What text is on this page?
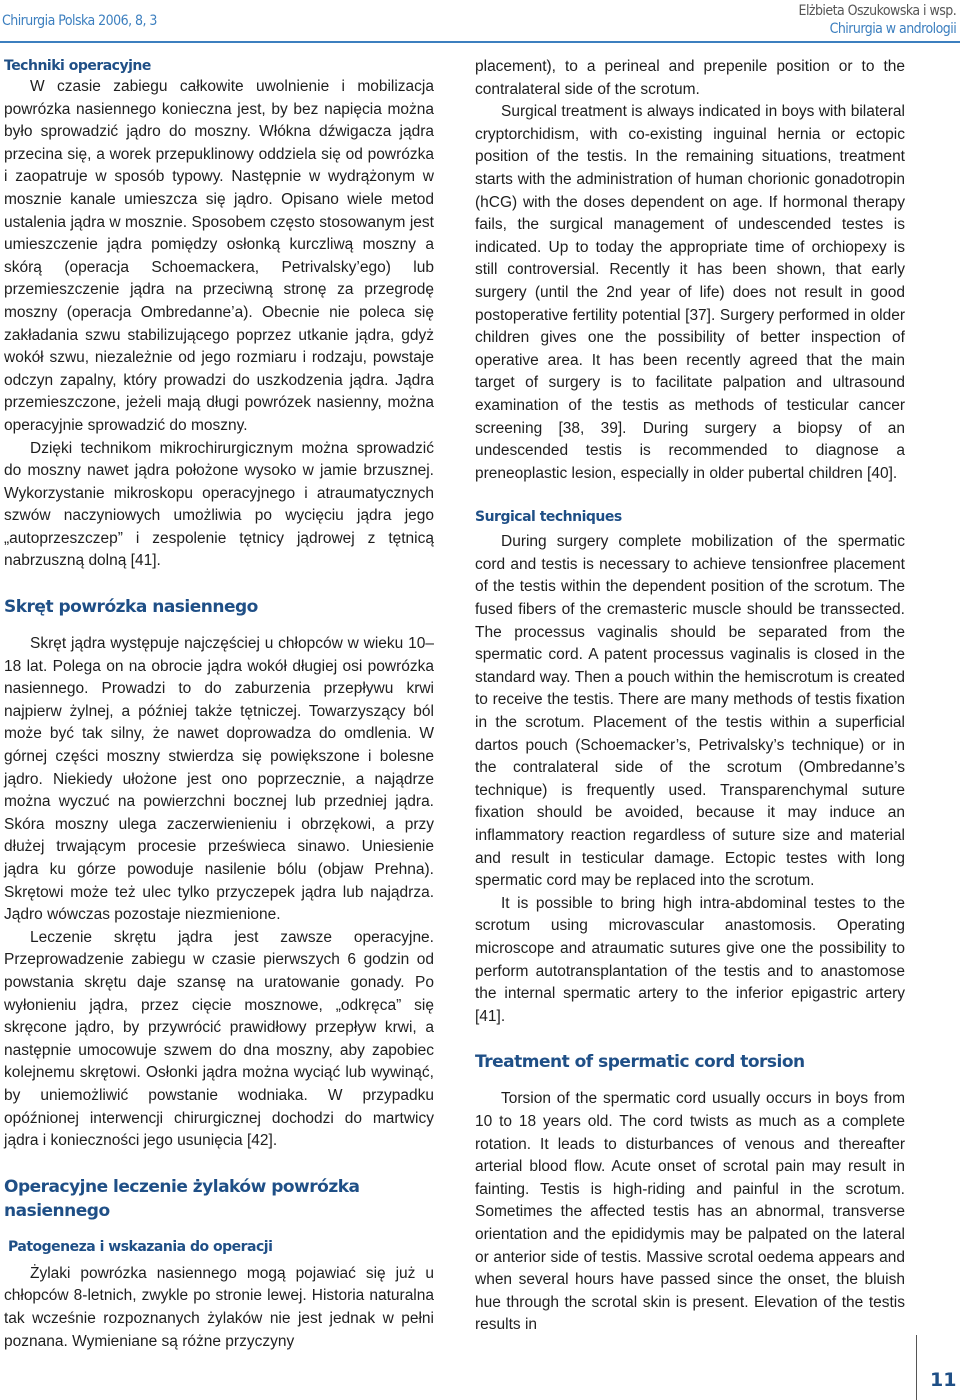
Chirurgia Polska 2006, 8, 3
Elżbieta Oszukowska i wsp.
Chirurgia w andrologii
Techniki operacyjne

W czasie zabiegu całkowite uwolnienie i mobilizacja powrózka nasiennego konieczna jest, by bez napięcia można było sprowadzić jądro do moszny. Włókna dźwigacza jądra przecina się, a worek przepuklinowy oddziela się od powrózka i zaopatruje w sposób typowy. Następnie w wydrążonym w mosznie kanale umieszcza się jądro. Opisano wiele metod ustalenia jądra w mosznie. Sposobem często stosowanym jest umieszczenie jądra pomiędzy osłonką kurczliwą moszny a skórą (operacja Schoemackera, Petrivalsky’ego) lub przemieszczenie jądra na przeciwną stronę za przegrodę moszny (operacja Ombredanne’a). Obecnie nie poleca się zakładania szwu stabilizującego poprzez utkanie jądra, gdyż wokół szwu, niezależnie od jego rozmiaru i rodzaju, powstaje odczyn zapalny, który prowadzi do uszkodzenia jądra. Jądra przemieszczone, jeżeli mają długi powrózek nasienny, można operacyjnie sprowadzić do moszny.

Dzięki technikom mikrochirurgicznym można sprowadzić do moszny nawet jądra położone wysoko w jamie brzusznej. Wykorzystanie mikroskopu operacyjnego i atraumatycznych szwów naczyniowych umożliwia po wycięciu jądra jego „autoprzeszczep” i zespolenie tętnicy jądrowej z tętnicą nabrzuszną dolną [41].

Skręt powrózka nasiennego

Skręt jądra występuje najczęściej u chłopców w wieku 10–18 lat. Polega on na obrocie jądra wokół długiej osi powrózka nasiennego. Prowadzi to do zaburzenia przepływu krwi najpierw żylnej, a później także tętniczej. Towarzyszący ból może być tak silny, że nawet doprowadza do omdlenia. W górnej części moszny stwierdza się powiększone i bolesne jądro. Niekiedy ułożone jest ono poprzecznie, a najądrze można wyczuć na powierzchni bocznej lub przedniej jądra. Skóra moszny ulega zaczerwienieniu i obrzękowi, a przy dłużej trwającym procesie prześwieca sinawo. Uniesienie jądra ku górze powoduje nasilenie bólu (objaw Prehna). Skrętowi może też ulec tylko przyczepek jądra lub najądrza. Jądro wówczas pozostaje niezmienione.

Leczenie skrętu jądra jest zawsze operacyjne. Przeprowadzenie zabiegu w czasie pierwszych 6 godzin od powstania skrętu daje szansę na uratowanie gonady. Po wyłonieniu jądra, przez cięcie mosznowe, „odkręca” się skręcone jądro, by przywrócić prawidłowy przepływ krwi, a następnie umocowuje szwem do dna moszny, aby zapobiec kolejnemu skrętowi. Osłonki jądra można wyciąć lub wywinąć, by uniemożliwić powstanie wodniaka. W przypadku opóźnionej interwencji chirurgicznej dochodzi do martwicy jądra i konieczności jego usunięcia [42].

Operacyjne leczenie żylaków powrózka nasiennego
Patogeneza i wskazania do operacji

Żylaki powrózka nasiennego mogą pojawiać się już u chłopców 8-letnich, zwykle po stronie lewej. Historia naturalna tak wcześnie rozpoznanych żylaków nie jest jednak w pełni poznana. Wymieniane są różne przyczyny

placement), to a perineal and prepenile position or to the contralateral side of the scrotum.

Surgical treatment is always indicated in boys with bilateral cryptorchidism, with co-existing inguinal hernia or ectopic position of the testis. In the remaining situations, treatment starts with the administration of human chorionic gonadotropin (hCG) with the doses dependent on age. If hormonal therapy fails, the surgical management of undescended testes is indicated. Up to today the appropriate time of orchiopexy is still controversial. Recently it has been shown, that early surgery (until the 2nd year of life) does not result in good postoperative fertility potential [37]. Surgery performed in older children gives one the possibility of better inspection of operative area. It has been recently agreed that the main target of surgery is to facilitate palpation and ultrasound examination of the testis as methods of testicular cancer screening [38, 39]. During surgery a biopsy of an undescended testis is recommended to diagnose a preneoplastic lesion, especially in older pubertal children [40].

Surgical techniques

During surgery complete mobilization of the spermatic cord and testis is necessary to achieve tensionfree placement of the testis within the dependent position of the scrotum. The fused fibers of the cremasteric muscle should be transsected. The processus vaginalis should be separated from the spermatic cord. A patent processus vaginalis is closed in the standard way. Then a pouch within the hemiscrotum is created to receive the testis. There are many methods of testis fixation in the scrotum. Placement of the testis within a superficial dartos pouch (Schoemacker’s, Petrivalsky’s technique) or in the contralateral side of the scrotum (Ombredanne’s technique) is frequently used. Transparenchymal suture fixation should be avoided, because it may induce an inflammatory reaction regardless of suture size and material and result in testicular damage. Ectopic testes with long spermatic cord may be replaced into the scrotum.

It is possible to bring high intra-abdominal testes to the scrotum using microvascular anastomosis. Operating microscope and atraumatic sutures give one the possibility to perform autotransplantation of the testis and to anastomose the internal spermatic artery to the inferior epigastric artery [41].

Treatment of spermatic cord torsion

Torsion of the spermatic cord usually occurs in boys from 10 to 18 years old. The cord twists as much as a complete rotation. It leads to disturbances of venous and thereafter arterial blood flow. Acute onset of scrotal pain may result in fainting. Testis is high-riding and painful in the scrotum. Sometimes the affected testis has an abnormal, transverse orientation and the epididymis may be palpated on the lateral or anterior side of testis. Massive scrotal oedema appears and when several hours have passed since the onset, the bluish hue through the scrotal skin is present. Elevation of the testis results in

11
